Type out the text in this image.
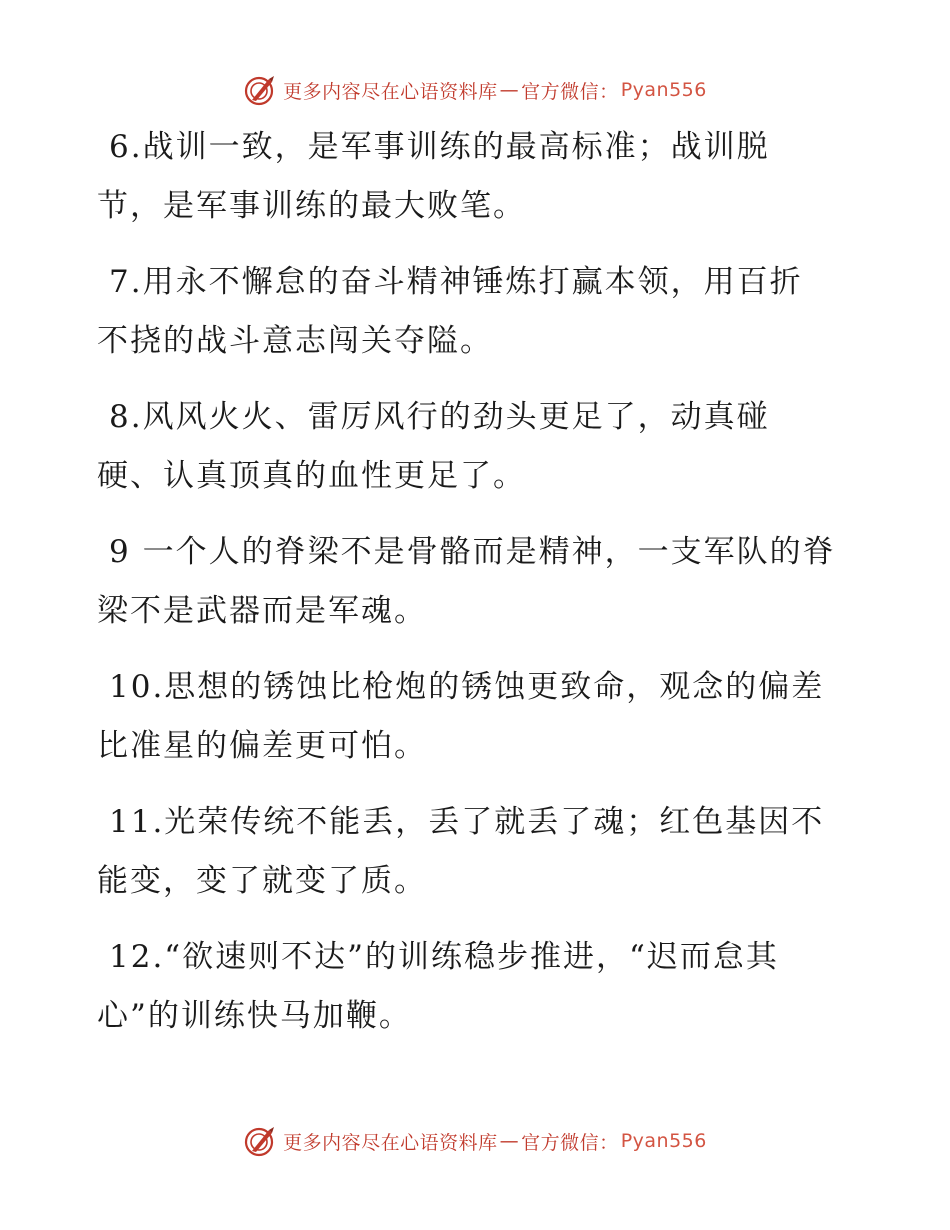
更多内容尽在心语资料库 — 官方微信： Pyan556

6.战训一致，是军事训练的最高标准；战训脱
节，是军事训练的最大败笔。

7.用永不懈怠的奋斗精神锤炼打赢本领，用百折
不挠的战斗意志闯关夺隘。

8.风风火火、雷厉风行的劲头更足了，动真碰
硬、认真顶真的血性更足了。

9 一个人的脊梁不是骨骼而是精神，一支军队的脊
梁不是武器而是军魂。

10.思想的锈蚀比枪炮的锈蚀更致命，观念的偏差
比准星的偏差更可怕。

11.光荣传统不能丢，丢了就丢了魂；红色基因不
能变，变了就变了质。

12.“欲速则不达”的训练稳步推进，“迟而怠其
心”的训练快马加鞭。

更多内容尽在心语资料库 — 官方微信： Pyan556
